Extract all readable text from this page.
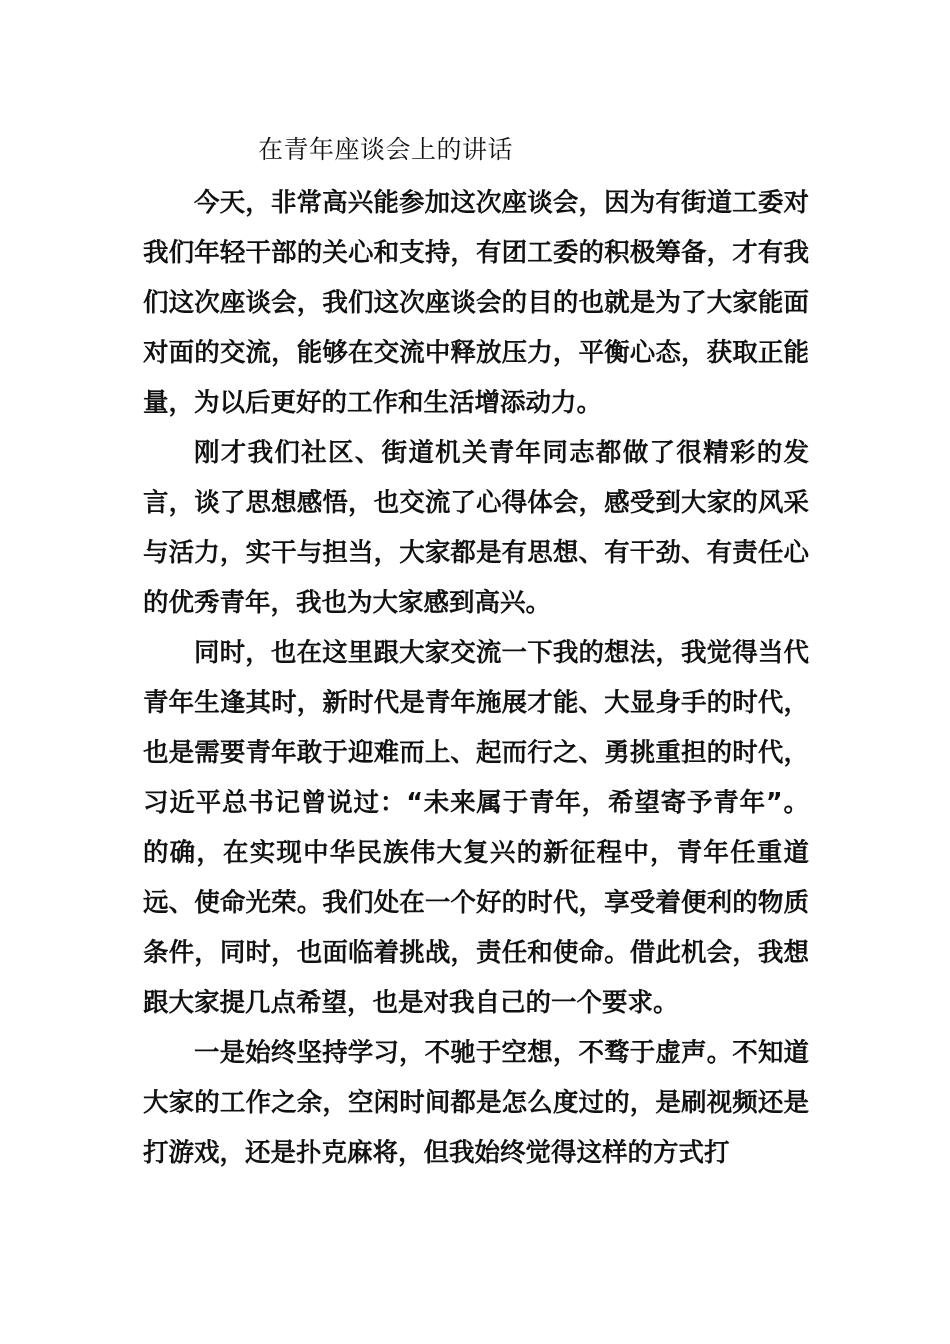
在青年座谈会上的讲话

今天，非常高兴能参加这次座谈会，因为有街道工委对我们年轻干部的关心和支持，有团工委的积极筹备，才有我们这次座谈会，我们这次座谈会的目的也就是为了大家能面对面的交流，能够在交流中释放压力，平衡心态，获取正能量，为以后更好的工作和生活增添动力。

刚才我们社区、街道机关青年同志都做了很精彩的发言，谈了思想感悟，也交流了心得体会，感受到大家的风采与活力，实干与担当，大家都是有思想、有干劲、有责任心的优秀青年，我也为大家感到高兴。

同时，也在这里跟大家交流一下我的想法，我觉得当代青年生逢其时，新时代是青年施展才能、大显身手的时代，也是需要青年敢于迎难而上、起而行之、勇挑重担的时代，习近平总书记曾说过：“未来属于青年，希望寄予青年”。 的确，在实现中华民族伟大复兴的新征程中，青年任重道远、使命光荣。我们处在一个好的时代，享受着便利的物质条件，同时，也面临着挑战，责任和使命。借此机会，我想跟大家提几点希望，也是对我自己的一个要求。

一是始终坚持学习，不驰于空想，不骛于虚声。不知道大家的工作之余，空闲时间都是怎么度过的，是刷视频还是打游戏，还是扑克麻将，但我始终觉得这样的方式打
